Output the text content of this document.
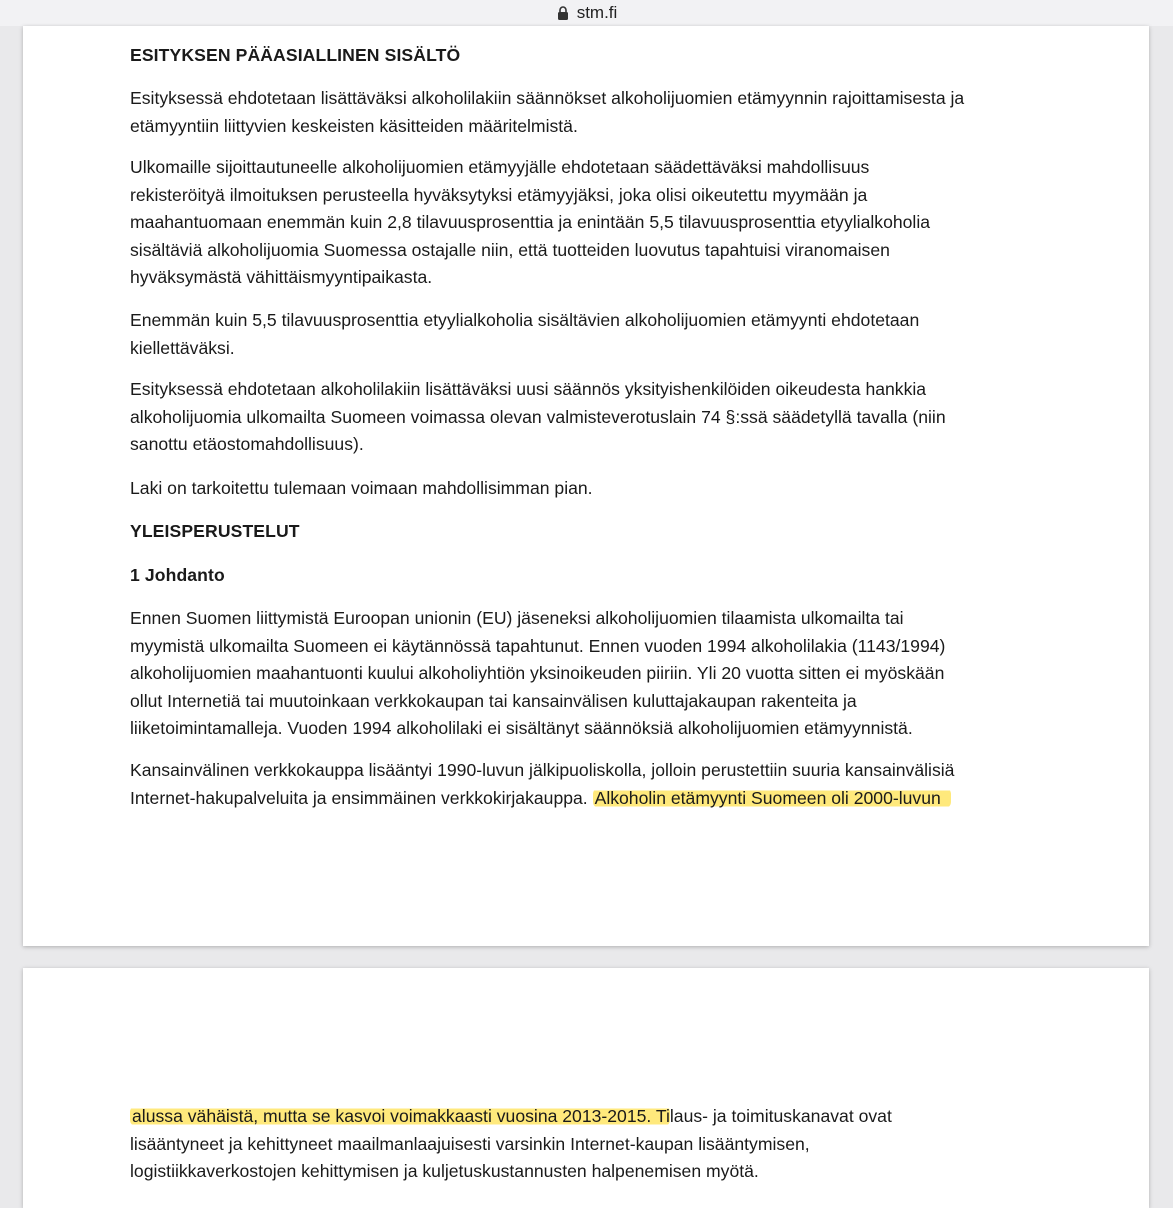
stm.fi
ESITYKSEN PÄÄASIALLINEN SISÄLTÖ

Esityksessä ehdotetaan lisättäväksi alkoholilakiin säännökset alkoholijuomien etämyynnin rajoittamisesta ja

etämyyntiin liittyvien keskeisten käsitteiden määritelmistä.

Ulkomaille sijoittautuneelle alkoholijuomien etämyyjälle ehdotetaan säädettäväksi mahdollisuus

rekisteröityä ilmoituksen perusteella hyväksytyksi etämyyjäksi, joka olisi oikeutettu myymään ja

maahantuomaan enemmän kuin 2,8 tilavuusprosenttia ja enintään 5,5 tilavuusprosenttia etyylialkoholia

sisältäviä alkoholijuomia Suomessa ostajalle niin, että tuotteiden luovutus tapahtuisi viranomaisen

hyväksymästä vähittäismyyntipaikasta.

Enemmän kuin 5,5 tilavuusprosenttia etyylialkoholia sisältävien alkoholijuomien etämyynti ehdotetaan

kiellettäväksi.

Esityksessä ehdotetaan alkoholilakiin lisättäväksi uusi säännös yksityishenkilöiden oikeudesta hankkia

alkoholijuomia ulkomailta Suomeen voimassa olevan valmisteverotuslain 74 §:ssä säädetyllä tavalla (niin

sanottu etäostomahdollisuus).

Laki on tarkoitettu tulemaan voimaan mahdollisimman pian.

YLEISPERUSTELUT
1 Johdanto

Ennen Suomen liittymistä Euroopan unionin (EU) jäseneksi alkoholijuomien tilaamista ulkomailta tai

myymistä ulkomailta Suomeen ei käytännössä tapahtunut. Ennen vuoden 1994 alkoholilakia (1143/1994)

alkoholijuomien maahantuonti kuului alkoholiyhtiön yksinoikeuden piiriin. Yli 20 vuotta sitten ei myöskään

ollut Internetiä tai muutoinkaan verkkokaupan tai kansainvälisen kuluttajakaupan rakenteita ja

liiketoimintamalleja. Vuoden 1994 alkoholilaki ei sisältänyt säännöksiä alkoholijuomien etämyynnistä.

Kansainvälinen verkkokauppa lisääntyi 1990-luvun jälkipuoliskolla, jolloin perustettiin suuria kansainvälisiä

Internet-hakupalveluita ja ensimmäinen verkkokirjakauppa. Alkoholin etämyynti Suomeen oli 2000-luvun

alussa vähäistä, mutta se kasvoi voimakkaasti vuosina 2013-2015. Tilaus- ja toimituskanavat ovat

lisääntyneet ja kehittyneet maailmanlaajuisesti varsinkin Internet-kaupan lisääntymisen,

logistiikkaverkostojen kehittymisen ja kuljetuskustannusten halpenemisen myötä.
